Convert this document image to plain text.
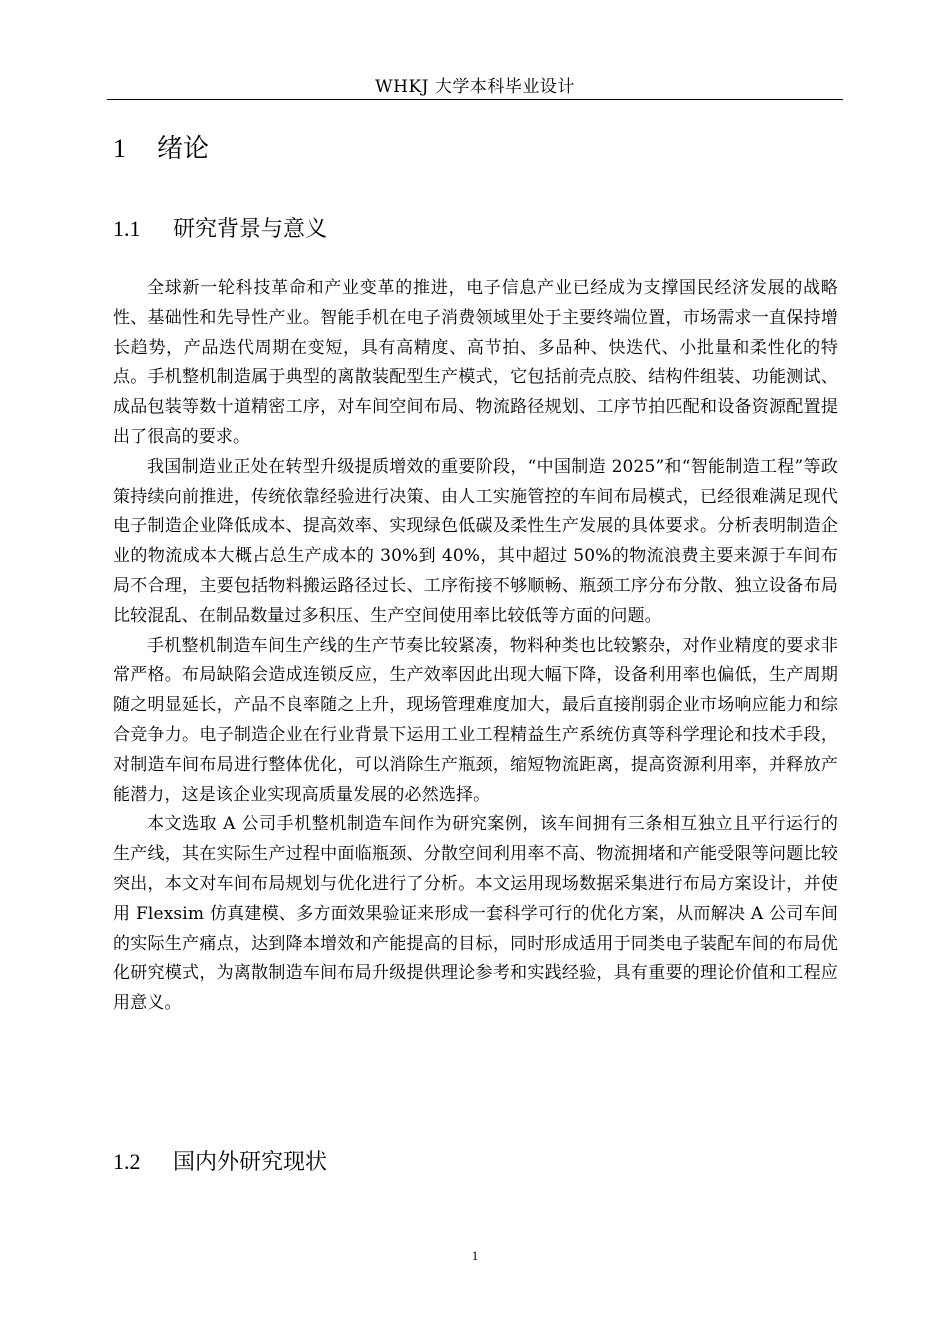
WHKJ 大学本科毕业设计
1 绪论
1.1 研究背景与意义

全球新一轮科技革命和产业变革的推进，电子信息产业已经成为支撑国民经济发展的战略性、基础性和先导性产业。智能手机在电子消费领域里处于主要终端位置，市场需求一直保持增长趋势，产品迭代周期在变短，具有高精度、高节拍、多品种、快迭代、小批量和柔性化的特点。手机整机制造属于典型的离散装配型生产模式，它包括前壳点胶、结构件组装、功能测试、成品包装等数十道精密工序，对车间空间布局、物流路径规划、工序节拍匹配和设备资源配置提出了很高的要求。

我国制造业正处在转型升级提质增效的重要阶段，“中国制造 2025”和“智能制造工程”等政策持续向前推进，传统依靠经验进行决策、由人工实施管控的车间布局模式，已经很难满足现代电子制造企业降低成本、提高效率、实现绿色低碳及柔性生产发展的具体要求。分析表明制造企业的物流成本大概占总生产成本的 30%到 40%，其中超过 50%的物流浪费主要来源于车间布局不合理，主要包括物料搬运路径过长、工序衔接不够顺畅、瓶颈工序分布分散、独立设备布局比较混乱、在制品数量过多积压、生产空间使用率比较低等方面的问题。

手机整机制造车间生产线的生产节奏比较紧凑，物料种类也比较繁杂，对作业精度的要求非常严格。布局缺陷会造成连锁反应，生产效率因此出现大幅下降，设备利用率也偏低，生产周期随之明显延长，产品不良率随之上升，现场管理难度加大，最后直接削弱企业市场响应能力和综合竞争力。电子制造企业在行业背景下运用工业工程精益生产系统仿真等科学理论和技术手段，对制造车间布局进行整体优化，可以消除生产瓶颈，缩短物流距离，提高资源利用率，并释放产能潜力，这是该企业实现高质量发展的必然选择。

本文选取 A 公司手机整机制造车间作为研究案例，该车间拥有三条相互独立且平行运行的生产线，其在实际生产过程中面临瓶颈、分散空间利用率不高、物流拥堵和产能受限等问题比较突出，本文对车间布局规划与优化进行了分析。本文运用现场数据采集进行布局方案设计，并使用 Flexsim 仿真建模、多方面效果验证来形成一套科学可行的优化方案，从而解决 A 公司车间的实际生产痛点，达到降本增效和产能提高的目标，同时形成适用于同类电子装配车间的布局优化研究模式，为离散制造车间布局升级提供理论参考和实践经验，具有重要的理论价值和工程应用意义。

1.2 国内外研究现状
1
